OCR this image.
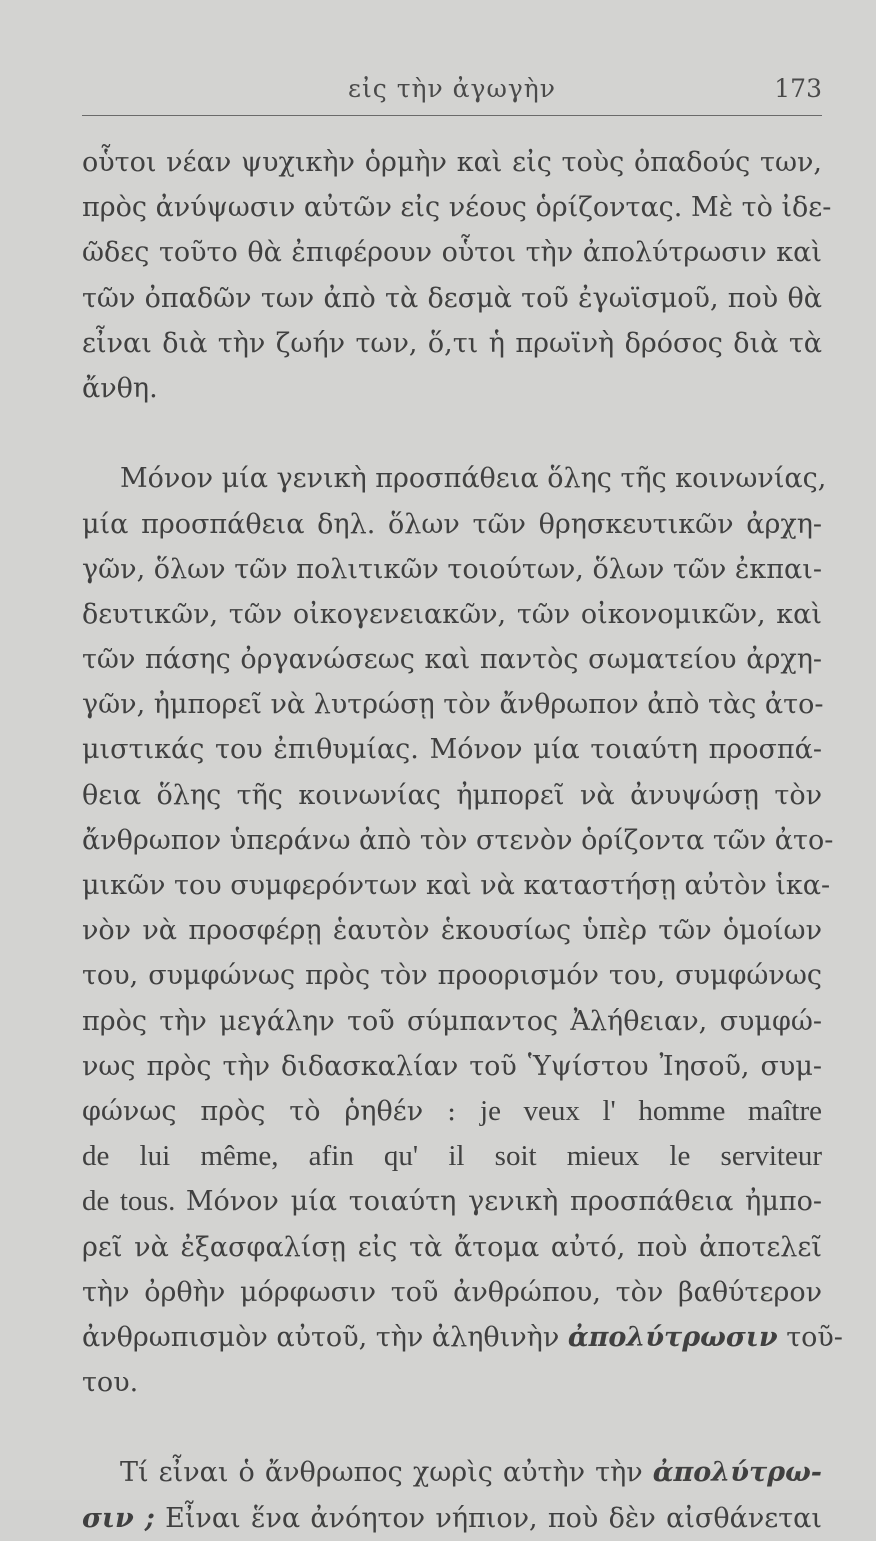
εἰς τὴν ἀγωγὴν	173
οὗτοι νέαν ψυχικὴν ὁρμὴν καὶ εἰς τοὺς ὀπαδούς των,
πρὸς ἀνύψωσιν αὐτῶν εἰς νέους ὁρίζοντας. Μὲ τὸ ἰδε-
ῶδες τοῦτο θὰ ἐπιφέρουν οὗτοι τὴν ἀπολύτρωσιν καὶ
τῶν ὀπαδῶν των ἀπὸ τὰ δεσμὰ τοῦ ἐγωϊσμοῦ, ποὺ θὰ
εἶναι διὰ τὴν ζωήν των, ὅ,τι ἡ πρωϊνὴ δρόσος διὰ τὰ
ἄνθη.
Μόνον μία γενικὴ προσπάθεια ὅλης τῆς κοινωνίας,
μία προσπάθεια δηλ. ὅλων τῶν θρησκευτικῶν ἀρχη-
γῶν, ὅλων τῶν πολιτικῶν τοιούτων, ὅλων τῶν ἐκπαι-
δευτικῶν, τῶν οἰκογενειακῶν, τῶν οἰκονομικῶν, καὶ
τῶν πάσης ὀργανώσεως καὶ παντὸς σωματείου ἀρχη-
γῶν, ἠμπορεῖ νὰ λυτρώσῃ τὸν ἄνθρωπον ἀπὸ τὰς ἀτο-
μιστικάς του ἐπιθυμίας. Μόνον μία τοιαύτη προσπά-
θεια ὅλης τῆς κοινωνίας ἠμπορεῖ νὰ ἀνυψώσῃ τὸν
ἄνθρωπον ὑπεράνω ἀπὸ τὸν στενὸν ὁρίζοντα τῶν ἀτο-
μικῶν του συμφερόντων καὶ νὰ καταστήσῃ αὐτὸν ἱκα-
νὸν νὰ προσφέρῃ ἑαυτὸν ἑκουσίως ὑπὲρ τῶν ὁμοίων
του, συμφώνως πρὸς τὸν προορισμόν του, συμφώνως
πρὸς τὴν μεγάλην τοῦ σύμπαντος Ἀλήθειαν, συμφώ-
νως πρὸς τὴν διδασκαλίαν τοῦ Ὑψίστου Ἰησοῦ, συμ-
φώνως πρὸς τὸ ῥηθέν : je veux l' homme maître
de lui même, afin qu' il soit mieux le serviteur
de tous. Μόνον μία τοιαύτη γενικὴ προσπάθεια ἠμπο-
ρεῖ νὰ ἐξασφαλίσῃ εἰς τὰ ἄτομα αὐτό, ποὺ ἀποτελεῖ
τὴν ὀρθὴν μόρφωσιν τοῦ ἀνθρώπου, τὸν βαθύτερον
ἀνθρωπισμὸν αὐτοῦ, τὴν ἀληθινὴν ἀπολύτρωσιν τοῦ-
του.
Τί εἶναι ὁ ἄνθρωπος χωρὶς αὐτὴν τὴν ἀπολύτρω-
σιν ; Εἶναι ἕνα ἀνόητον νήπιον, ποὺ δὲν αἰσθάνεται
